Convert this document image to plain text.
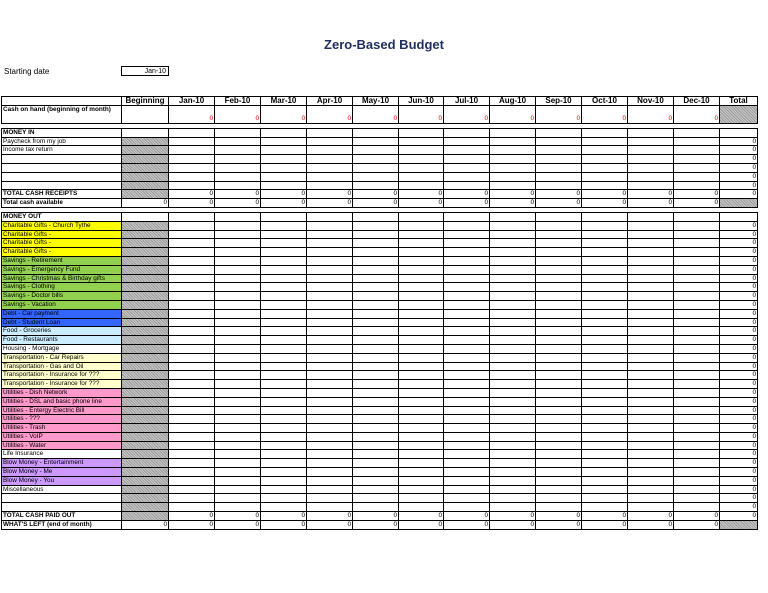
Zero-Based Budget
Starting date	Jan-10
	Beginning	Jan-10	Feb-10	Mar-10	Apr-10	May-10	Jun-10	Jul-10	Aug-10	Sep-10	Oct-10	Nov-10	Dec-10	Total
Cash on hand (beginning of month)		0	0	0	0	0	0	0	0	0	0	0	0	

MONEY IN														
Paycheck from my job														0
Income tax return														0
														0
														0
														0
														0
TOTAL CASH RECEIPTS		0	0	0	0	0	0	0	0	0	0	0	0	0
Total cash available	0	0	0	0	0	0	0	0	0	0	0	0	0	

MONEY OUT														
Charitable Gifts - Church Tythe														0
Charitable Gifts -														0
Charitable Gifts -														0
Charitable Gifts -														0
Savings - Retirement														0
Savings - Emergency Fund														0
Savings - Christmas & Birthday gifts														0
Savings - Clothing														0
Savings - Doctor bills														0
Savings - Vacation														0
Debt - Car payment														0
Debt - Student Loan														0
Food - Groceries														0
Food - Restaurants														0
Housing - Mortgage														0
Transportation - Car Repairs														0
Transportation - Gas and Oil														0
Transportation - Insurance for ???														0
Transportation - Insurance for ???														0
Utilities - Dish Network														0
Utilities - DSL and basic phone line														0
Utilities - Entergy Electric Bill														0
Utilities - ???														0
Utilities - Trash														0
Utilities - VoIP														0
Utilities - Water														0
Life Insurance														0
Blow Money - Entertainment														0
Blow Money - Me														0
Blow Money - You														0
Miscellaneous														0
														0
														0
TOTAL CASH PAID OUT		0	0	0	0	0	0	0	0	0	0	0	0	0
WHAT'S LEFT (end of month)	0	0	0	0	0	0	0	0	0	0	0	0	0	
